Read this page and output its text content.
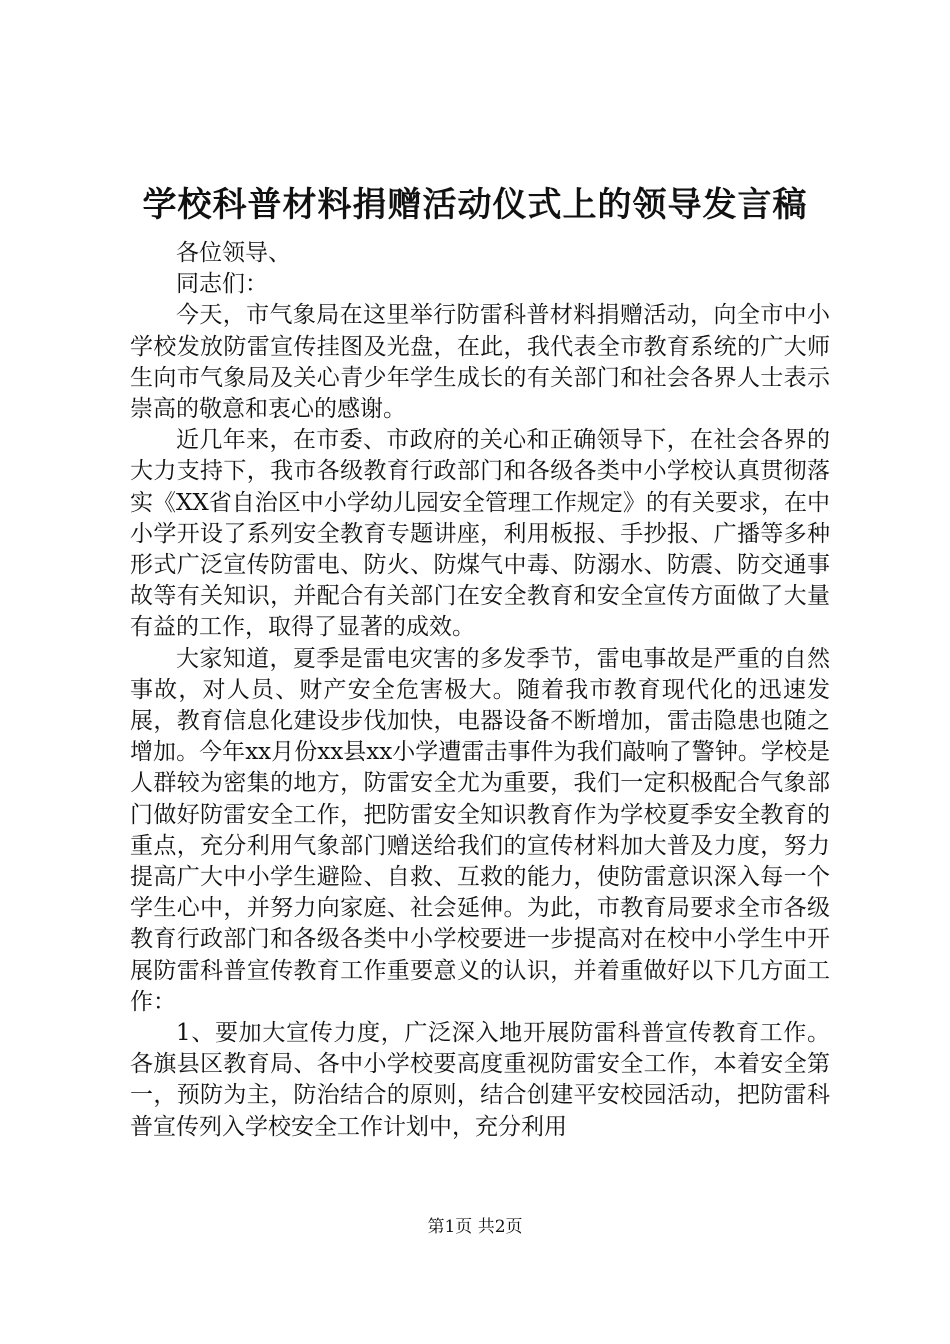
学校科普材料捐赠活动仪式上的领导发言稿

各位领导、

同志们：

今天，市气象局在这里举行防雷科普材料捐赠活动，向全市中小学校发放防雷宣传挂图及光盘，在此，我代表全市教育系统的广大师生向市气象局及关心青少年学生成长的有关部门和社会各界人士表示崇高的敬意和衷心的感谢。

近几年来，在市委、市政府的关心和正确领导下，在社会各界的大力支持下，我市各级教育行政部门和各级各类中小学校认真贯彻落实《XX省自治区中小学幼儿园安全管理工作规定》的有关要求，在中小学开设了系列安全教育专题讲座，利用板报、手抄报、广播等多种形式广泛宣传防雷电、防火、防煤气中毒、防溺水、防震、防交通事故等有关知识，并配合有关部门在安全教育和安全宣传方面做了大量有益的工作，取得了显著的成效。

大家知道，夏季是雷电灾害的多发季节，雷电事故是严重的自然事故，对人员、财产安全危害极大。随着我市教育现代化的迅速发展，教育信息化建设步伐加快，电器设备不断增加，雷击隐患也随之增加。今年xx月份xx县xx小学遭雷击事件为我们敲响了警钟。学校是人群较为密集的地方，防雷安全尤为重要，我们一定积极配合气象部门做好防雷安全工作，把防雷安全知识教育作为学校夏季安全教育的重点，充分利用气象部门赠送给我们的宣传材料加大普及力度，努力提高广大中小学生避险、自救、互救的能力，使防雷意识深入每一个学生心中，并努力向家庭、社会延伸。为此，市教育局要求全市各级教育行政部门和各级各类中小学校要进一步提高对在校中小学生中开展防雷科普宣传教育工作重要意义的认识，并着重做好以下几方面工作：

1、要加大宣传力度，广泛深入地开展防雷科普宣传教育工作。各旗县区教育局、各中小学校要高度重视防雷安全工作，本着安全第一，预防为主，防治结合的原则，结合创建平安校园活动，把防雷科普宣传列入学校安全工作计划中，充分利用

第1页 共2页
